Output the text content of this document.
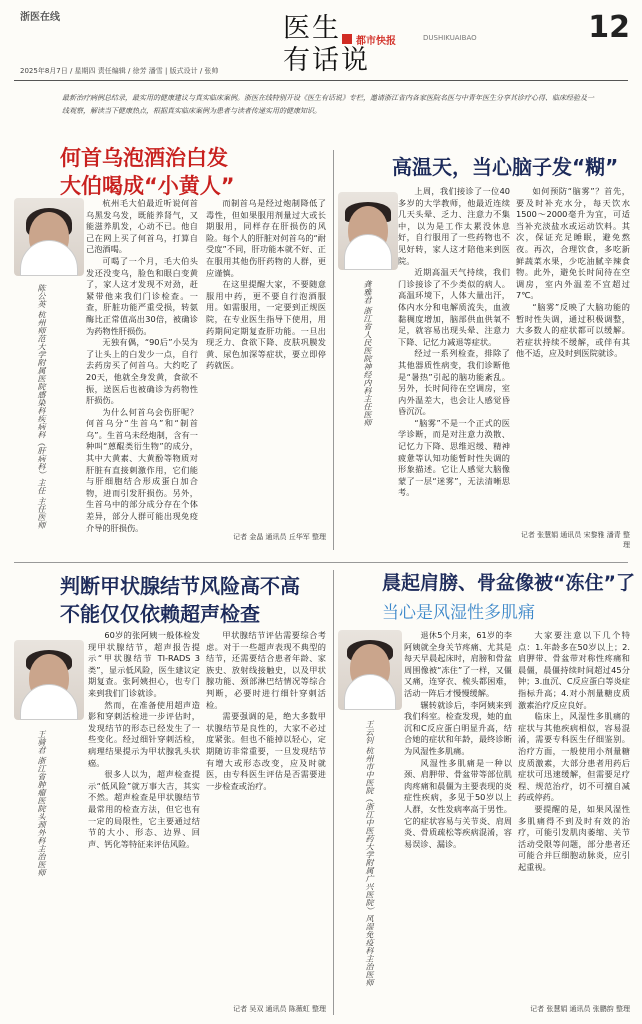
浙医在线	医生
有话说
都市快报	DUSHIKUAIBAO	12
2025年8月7日 / 星期四 责任编辑 / 徐芳 潘雪 | 版式设计 / 张帅
最新治疗病例总结录，最实用的健康建议与真实临床案例。浙医在线特别开设《医生有话说》专栏，邀请浙江省内各家医院名医与中青年医生分享其诊疗心得、临床经验及一线观察，解读当下健康热点，根据真实临床案例为患者与读者传递实用的健康知识。
何首乌泡酒治白发
大伯喝成“小黄人”
陈公英 杭州师范大学附属医院感染科疾病科（肝病科）主任 主任医师

杭州毛大伯最近听说何首乌黑发乌发，既能养肾气，又能滋养肌发，心动不已。他自己在网上买了何首乌，打算自己泡酒喝。

可喝了一个月，毛大伯头发还没变乌，脸色和眼白变黄了，家人这才发现不对劲，赶紧带他来我们门诊检查。一查，肝脏功能严重受损，转氨酶比正常值高出30倍，被确诊为药物性肝损伤。

无独有偶，“90后”小吴为了让头上的白发少一点，自行去药房买了何首乌。大约吃了20天，他就全身发黄，食欲不振，送医后也被确诊为药物性肝损伤。

为什么何首乌会伤肝呢？何首乌分“生首乌”和“制首乌”。生首乌未经炮制，含有一种叫“蒽醌类衍生物”的成分，其中大黄素、大黄酚等物质对肝脏有直接刺激作用，它们能与肝细胞结合形成蛋白加合物，进而引发肝损伤。另外，生首乌中的部分成分存在个体差异，部分人群可能出现免疫介导的肝损伤。

而制首乌是经过炮制降低了毒性，但如果服用剂量过大或长期服用，同样存在肝损伤的风险。每个人的肝脏对何首乌的“耐受度”不同，肝功能本就不好、正在服用其他伤肝药物的人群，更应谨慎。

在这里提醒大家，不要随意服用中药，更不要自行泡酒服用。如需服用，一定要到正规医院，在专业医生指导下使用，用药期间定期复查肝功能。一旦出现乏力、食欲下降、皮肤巩膜发黄、尿色加深等症状，要立即停药就医。

记者 金晶 通讯员 丘华军 整理
高温天，当心脑子发“糊”
龚雅君 浙江省人民医院神经内科主任医师

上周，我们接诊了一位40多岁的大学教师，他最近连续几天头晕、乏力、注意力不集中，以为是工作太累没休息好，自行服用了一些药物也不见好转，家人这才陪他来到医院。

近期高温天气持续，我们门诊接诊了不少类似的病人。高温环境下，人体大量出汗，体内水分和电解质流失，血液黏稠度增加，脑部供血供氧不足，就容易出现头晕、注意力下降、记忆力减退等症状。

经过一系列检查，排除了其他器质性病变，我们诊断他是“暑热”引起的脑功能紊乱。另外，长时间待在空调房，室内外温差大，也会让人感觉昏昏沉沉。

“脑雾”不是一个正式的医学诊断，而是对注意力涣散、记忆力下降、思维迟缓、精神疲惫等认知功能暂时性失调的形象描述。它让人感觉大脑像蒙了一层“迷雾”，无法清晰思考。

如何预防“脑雾”？首先，要及时补充水分，每天饮水1500～2000毫升为宜，可适当补充淡盐水或运动饮料。其次，保证充足睡眠，避免熬夜。再次，合理饮食，多吃新鲜蔬菜水果，少吃油腻辛辣食物。此外，避免长时间待在空调房，室内外温差不宜超过7℃。

“脑雾”反映了大脑功能的暂时性失调，通过积极调整，大多数人的症状都可以缓解。若症状持续不缓解，或伴有其他不适，应及时到医院就诊。

记者 张慧娟 通讯员 宋黎雅 潘青 整理
判断甲状腺结节风险高不高
不能仅仅依赖超声检查
王骑君 浙江省肿瘤医院头颈外科主治医师

60岁的张阿姨一般体检发现甲状腺结节，超声报告提示“甲状腺结节 TI-RADS 3类”，显示低风险，医生建议定期复查。张阿姨担心，也专门来到我们门诊就诊。

然而，在准备使用超声造影和穿刺活检进一步评估时，发现结节的形态已经发生了一些变化。经过细针穿刺活检，病理结果提示为甲状腺乳头状癌。

很多人以为，超声检查提示“低风险”就万事大吉，其实不然。超声检查是甲状腺结节最常用的检查方法，但它也有一定的局限性，它主要通过结节的大小、形态、边界、回声、钙化等特征来评估风险。

甲状腺结节评估需要综合考虑。对于一些超声表现不典型的结节，还需要结合患者年龄、家族史、放射线接触史，以及甲状腺功能、颈部淋巴结情况等综合判断，必要时进行细针穿刺活检。

需要强调的是，绝大多数甲状腺结节是良性的，大家不必过度紧张。但也不能掉以轻心，定期随访非常重要，一旦发现结节有增大或形态改变，应及时就医，由专科医生评估是否需要进一步检查或治疗。

记者 吴双 通讯员 陈薇虹 整理
晨起肩膀、骨盆像被“冻住”了
当心是风湿性多肌痛
王云钊 杭州市中医院（浙江中医药大学附属广兴医院）风湿免疫科主治医师

退休5个月来，61岁的李阿姨就全身关节疼痛、尤其是每天早晨起床时，肩膀和骨盆周围像被“冻住”了一样，又僵又痛，连穿衣、梳头都困难，活动一阵后才慢慢缓解。

辗转就诊后，李阿姨来到我们科室。检查发现，她的血沉和C反应蛋白明显升高，结合她的症状和年龄，最终诊断为风湿性多肌痛。

风湿性多肌痛是一种以颈、肩胛带、骨盆带等部位肌肉疼痛和晨僵为主要表现的炎症性疾病，多见于50岁以上人群，女性发病率高于男性。它的症状容易与关节炎、肩周炎、骨质疏松等疾病混淆，容易误诊、漏诊。

大家要注意以下几个特点：1.年龄多在50岁以上；2.肩胛带、骨盆带对称性疼痛和晨僵，晨僵持续时间超过45分钟；3.血沉、C反应蛋白等炎症指标升高；4.对小剂量糖皮质激素治疗反应良好。

临床上，风湿性多肌痛的症状与其他疾病相似，容易混淆，需要专科医生仔细鉴别。治疗方面，一般使用小剂量糖皮质激素，大部分患者用药后症状可迅速缓解，但需要足疗程、规范治疗，切不可擅自减药或停药。

要提醒的是，如果风湿性多肌痛得不到及时有效的治疗，可能引发肌肉萎缩、关节活动受限等问题，部分患者还可能合并巨细胞动脉炎，应引起重视。

记者 张慧娟 通讯员 张鹏韵 整理
